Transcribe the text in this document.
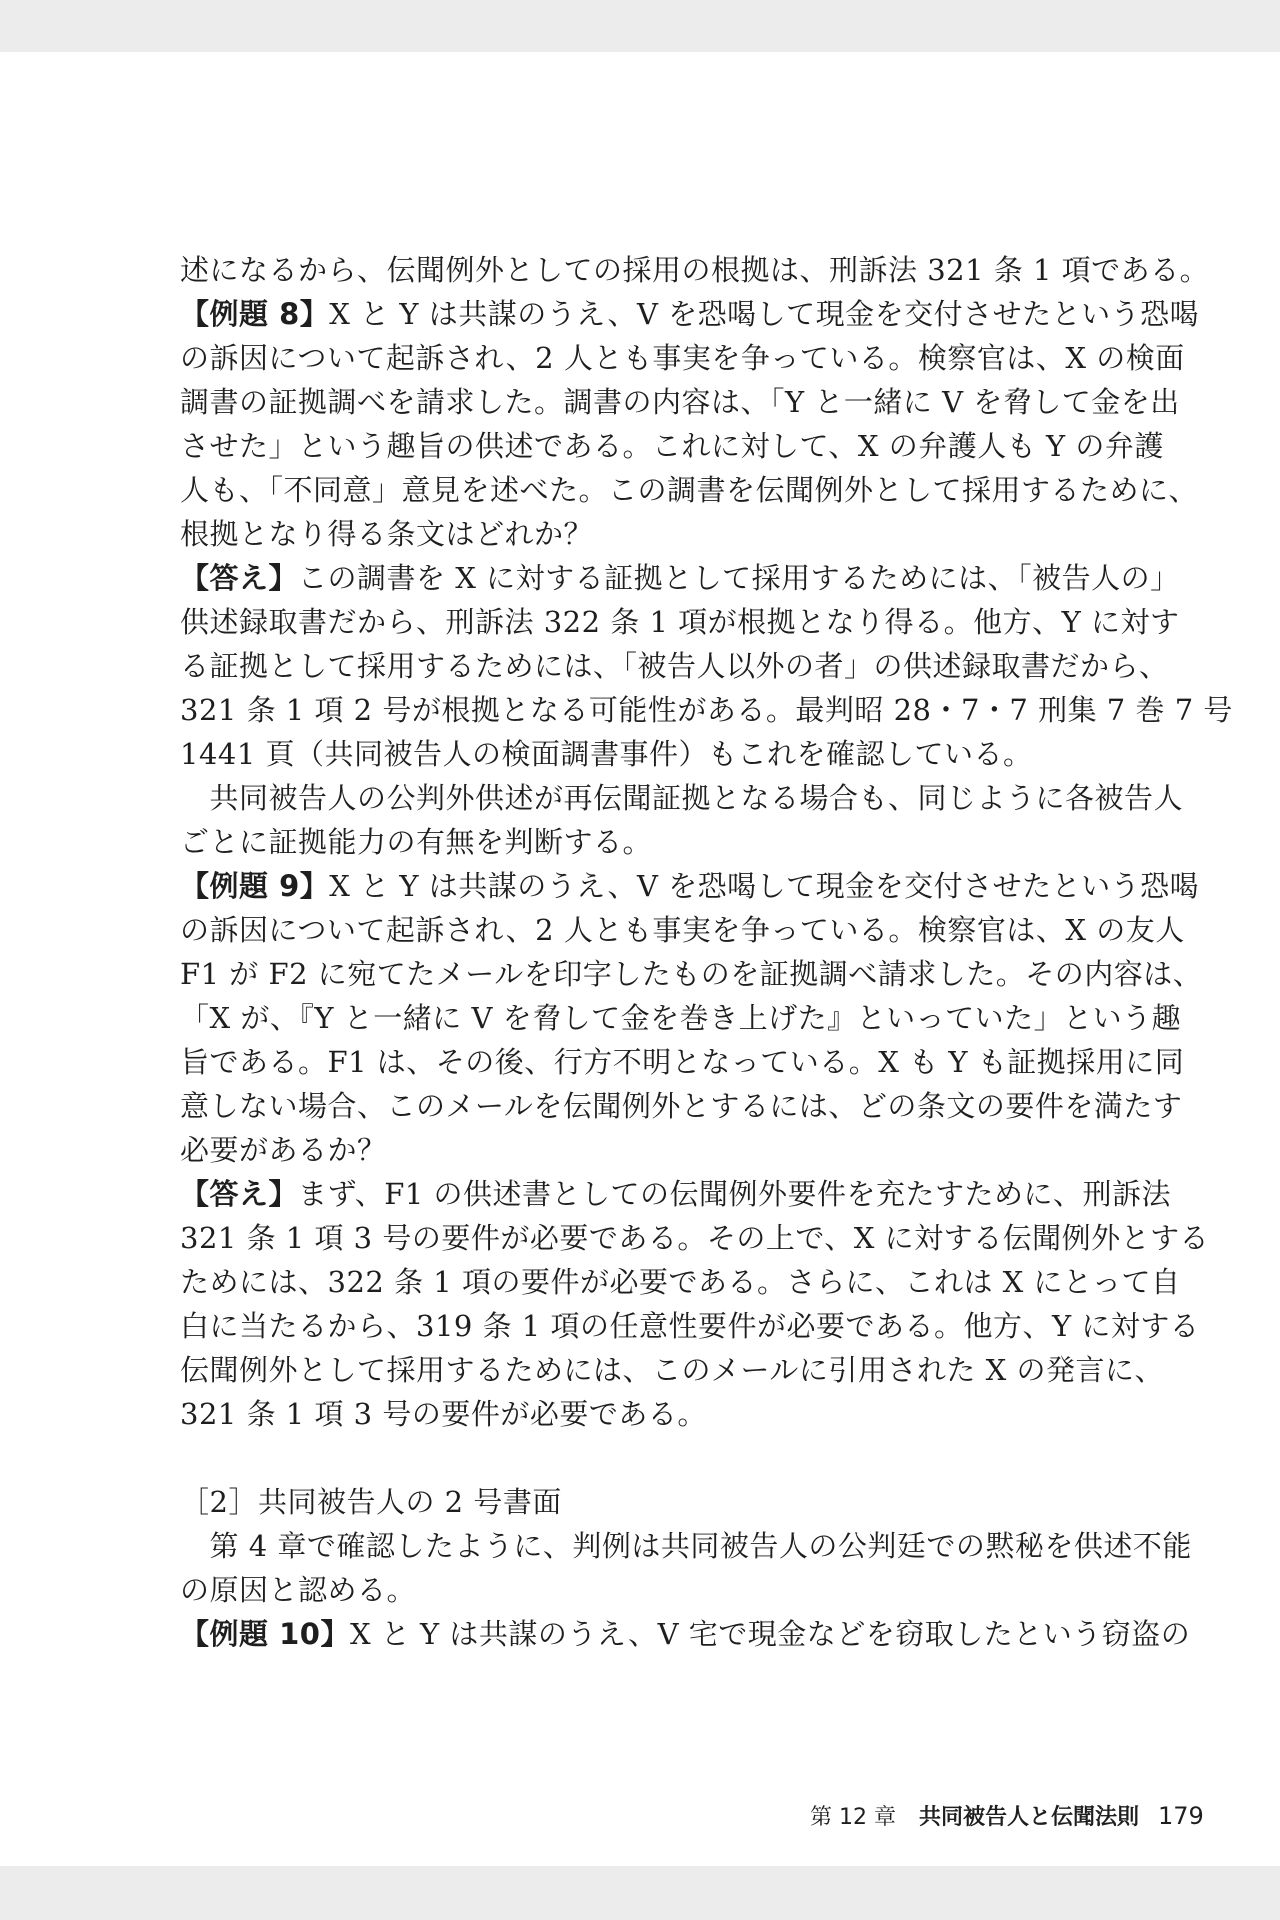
述になるから、伝聞例外としての採用の根拠は、刑訴法 321 条 1 項である。
【例題 8】X と Y は共謀のうえ、V を恐喝して現金を交付させたという恐喝
の訴因について起訴され、2 人とも事実を争っている。検察官は、X の検面
調書の証拠調べを請求した。調書の内容は、「Y と一緒に V を脅して金を出
させた」という趣旨の供述である。これに対して、X の弁護人も Y の弁護
人も、「不同意」意見を述べた。この調書を伝聞例外として採用するために、
根拠となり得る条文はどれか？
【答え】この調書を X に対する証拠として採用するためには、「被告人の」
供述録取書だから、刑訴法 322 条 1 項が根拠となり得る。他方、Y に対す
る証拠として採用するためには、「被告人以外の者」の供述録取書だから、
321 条 1 項 2 号が根拠となる可能性がある。最判昭 28・7・7 刑集 7 巻 7 号
1441 頁（共同被告人の検面調書事件）もこれを確認している。
　共同被告人の公判外供述が再伝聞証拠となる場合も、同じように各被告人
ごとに証拠能力の有無を判断する。
【例題 9】X と Y は共謀のうえ、V を恐喝して現金を交付させたという恐喝
の訴因について起訴され、2 人とも事実を争っている。検察官は、X の友人
F1 が F2 に宛てたメールを印字したものを証拠調べ請求した。その内容は、
「X が、『Y と一緒に V を脅して金を巻き上げた』といっていた」という趣
旨である。F1 は、その後、行方不明となっている。X も Y も証拠採用に同
意しない場合、このメールを伝聞例外とするには、どの条文の要件を満たす
必要があるか？
【答え】まず、F1 の供述書としての伝聞例外要件を充たすために、刑訴法
321 条 1 項 3 号の要件が必要である。その上で、X に対する伝聞例外とする
ためには、322 条 1 項の要件が必要である。さらに、これは X にとって自
白に当たるから、319 条 1 項の任意性要件が必要である。他方、Y に対する
伝聞例外として採用するためには、このメールに引用された X の発言に、
321 条 1 項 3 号の要件が必要である。
［2］共同被告人の 2 号書面
　第 4 章で確認したように、判例は共同被告人の公判廷での黙秘を供述不能
の原因と認める。
【例題 10】X と Y は共謀のうえ、V 宅で現金などを窃取したという窃盗の
第 12 章 共同被告人と伝聞法則 179
